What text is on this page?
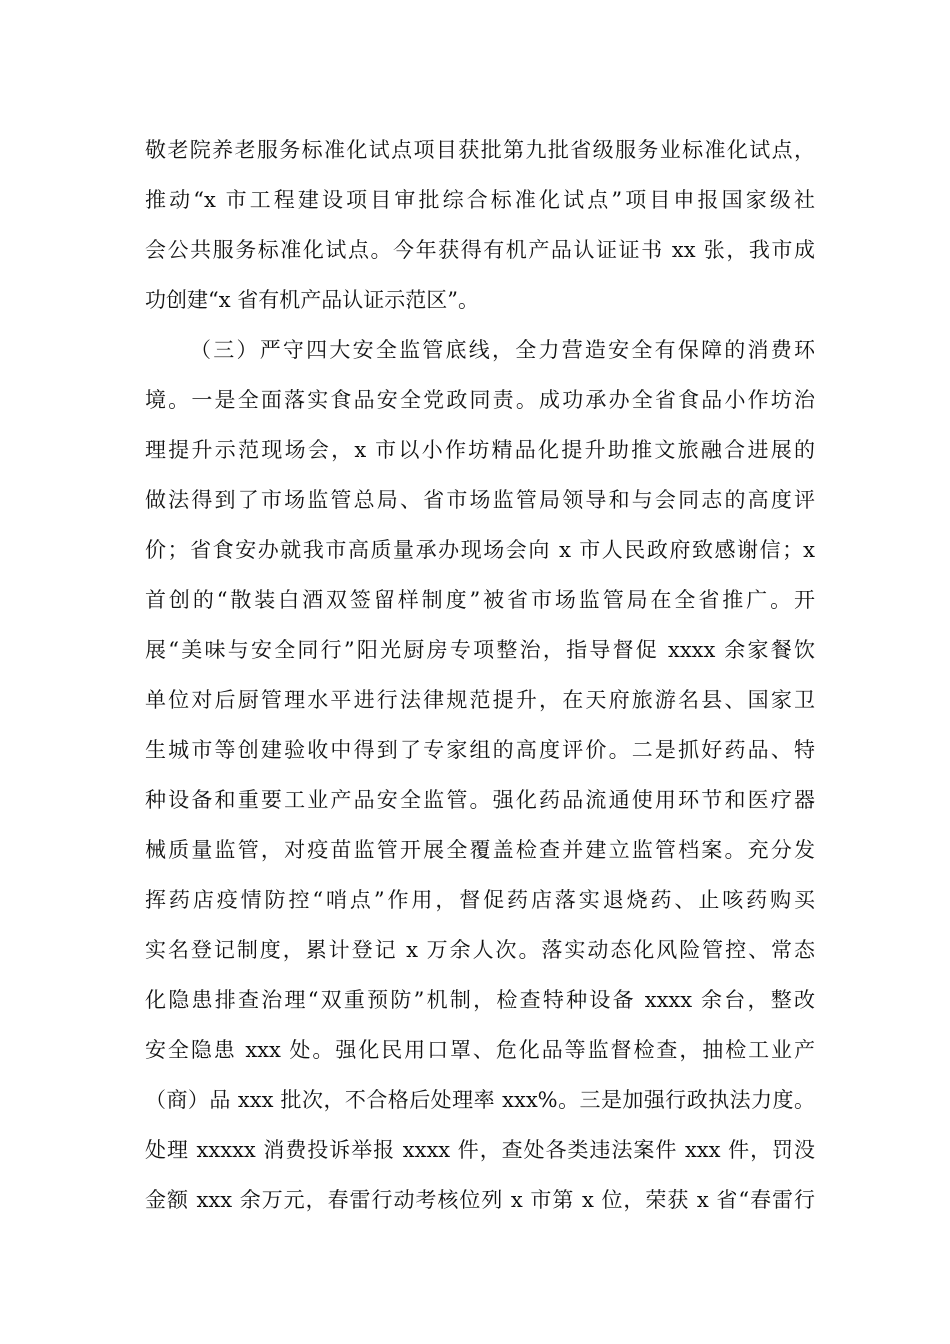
敬老院养老服务标准化试点项目获批第九批省级服务业标准化试点，
推动“x 市工程建设项目审批综合标准化试点”项目申报国家级社
会公共服务标准化试点。今年获得有机产品认证证书 xx 张，我市成
功创建“x 省有机产品认证示范区”。
（三）严守四大安全监管底线，全力营造安全有保障的消费环
境。一是全面落实食品安全党政同责。成功承办全省食品小作坊治
理提升示范现场会，x 市以小作坊精品化提升助推文旅融合进展的
做法得到了市场监管总局、省市场监管局领导和与会同志的高度评
价；省食安办就我市高质量承办现场会向 x 市人民政府致感谢信；x
首创的“散装白酒双签留样制度”被省市场监管局在全省推广。开
展“美味与安全同行”阳光厨房专项整治，指导督促 xxxx 余家餐饮
单位对后厨管理水平进行法律规范提升，在天府旅游名县、国家卫
生城市等创建验收中得到了专家组的高度评价。二是抓好药品、特
种设备和重要工业产品安全监管。强化药品流通使用环节和医疗器
械质量监管，对疫苗监管开展全覆盖检查并建立监管档案。充分发
挥药店疫情防控“哨点”作用，督促药店落实退烧药、止咳药购买
实名登记制度，累计登记 x 万余人次。落实动态化风险管控、常态
化隐患排查治理“双重预防”机制，检查特种设备 xxxx 余台，整改
安全隐患 xxx 处。强化民用口罩、危化品等监督检查，抽检工业产
（商）品 xxx 批次，不合格后处理率 xxx%。三是加强行政执法力度。
处理 xxxxx 消费投诉举报 xxxx 件，查处各类违法案件 xxx 件，罚没
金额 xxx 余万元，春雷行动考核位列 x 市第 x 位，荣获 x 省“春雷行
